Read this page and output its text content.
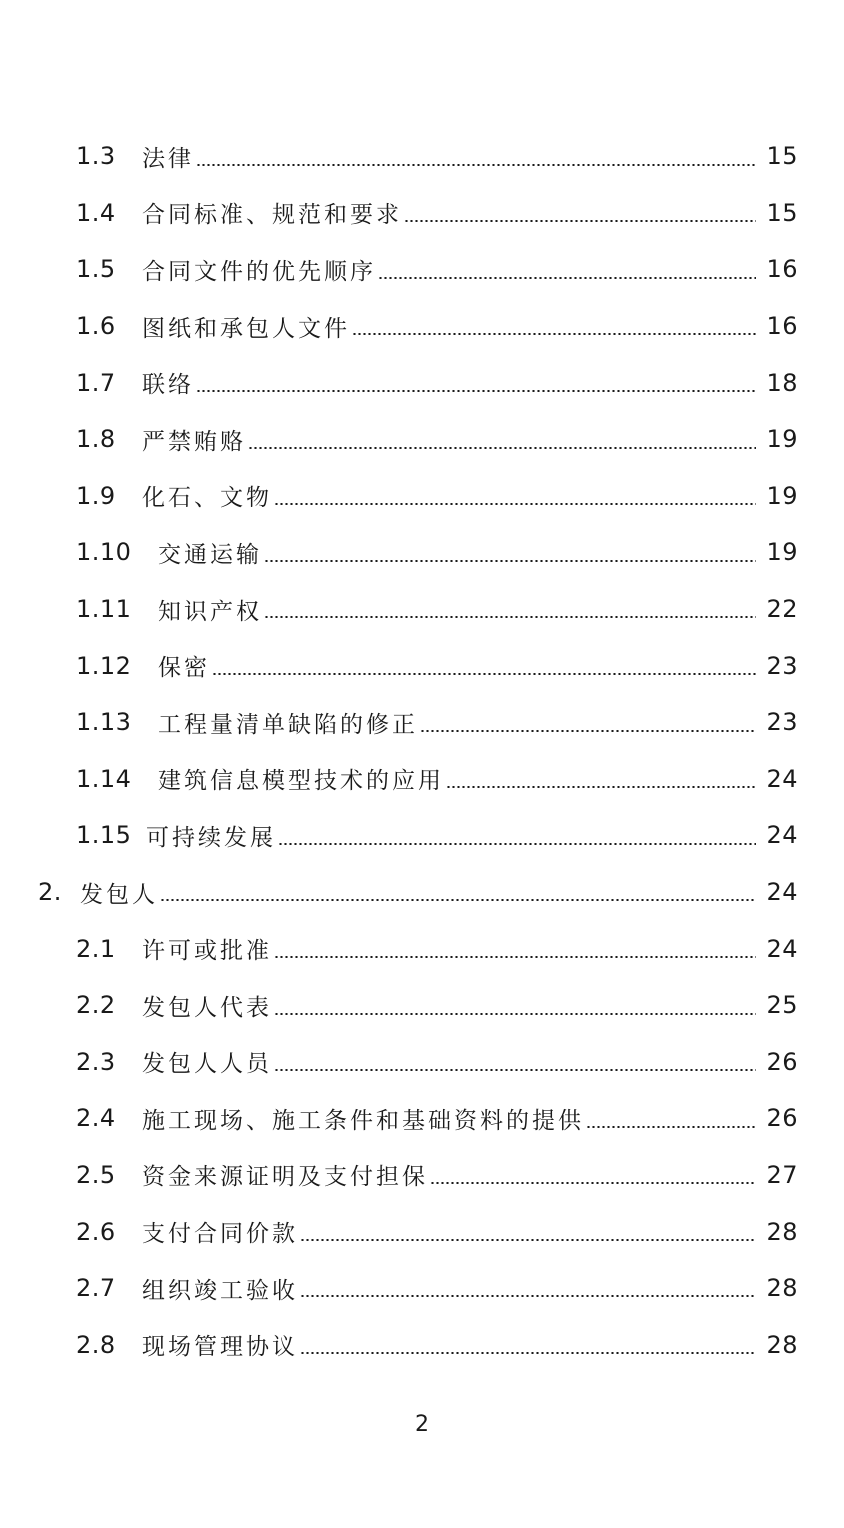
1.3	法律	15
1.4	合同标准、规范和要求	15
1.5	合同文件的优先顺序	16
1.6	图纸和承包人文件	16
1.7	联络	18
1.8	严禁贿赂	19
1.9	化石、文物	19
1.10	交通运输	19
1.11	知识产权	22
1.12	保密	23
1.13	工程量清单缺陷的修正	23
1.14	建筑信息模型技术的应用	24
1.15 可持续发展	24
2. 发包人	24
2.1	许可或批准	24
2.2	发包人代表	25
2.3	发包人人员	26
2.4	施工现场、施工条件和基础资料的提供	26
2.5	资金来源证明及支付担保	27
2.6	支付合同价款	28
2.7	组织竣工验收	28
2.8	现场管理协议	28
2
